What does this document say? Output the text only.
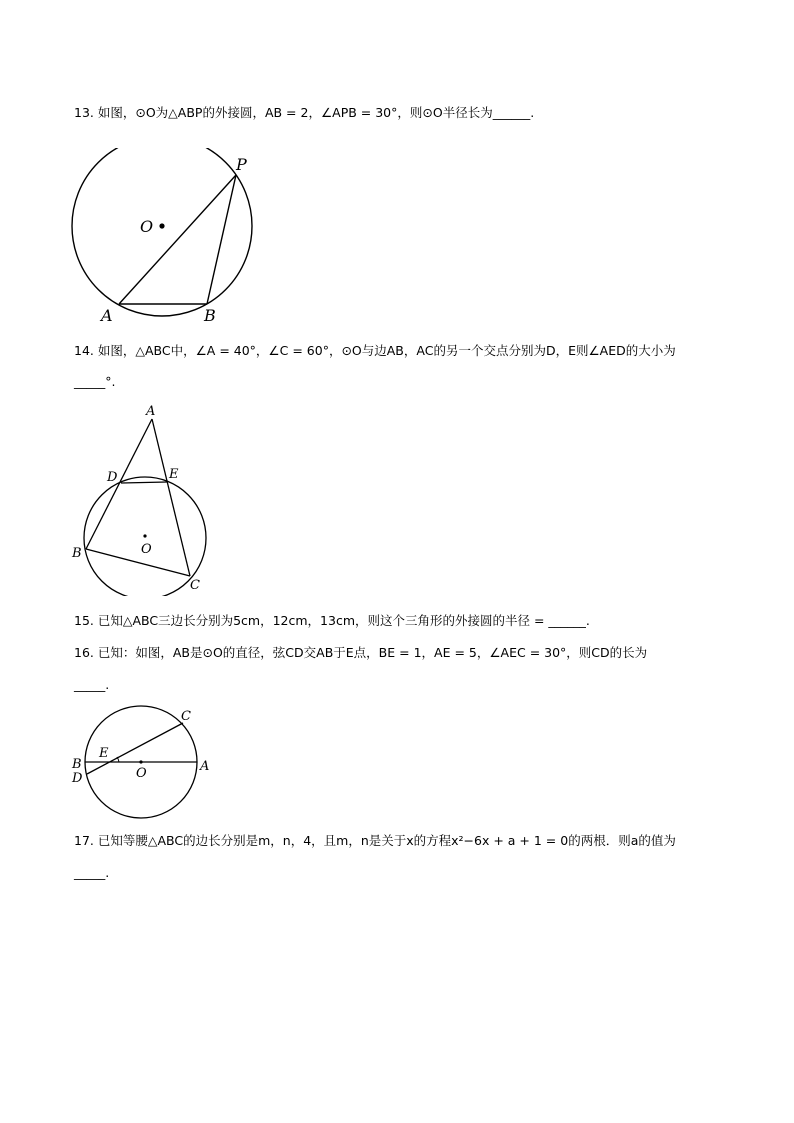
13. 如图，⊙O为△ABP的外接圆，AB = 2，∠APB = 30°，则⊙O半径长为______.
P
O
A	B
14. 如图，△ABC中，∠A = 40°，∠C = 60°，⊙O与边AB，AC的另一个交点分别为D，E则∠AED的大小为
_____°.
A
D	E
B	O
C
15. 已知△ABC三边长分别为5cm，12cm，13cm，则这个三角形的外接圆的半径 = ______.
16. 已知：如图，AB是⊙O的直径，弦CD交AB于E点，BE = 1，AE = 5，∠AEC = 30°，则CD的长为
_____.
C
B
E
O	A
D
17. 已知等腰△ABC的边长分别是m，n，4，且m，n是关于x的方程x²−6x + a + 1 = 0的两根．则a的值为
_____.
